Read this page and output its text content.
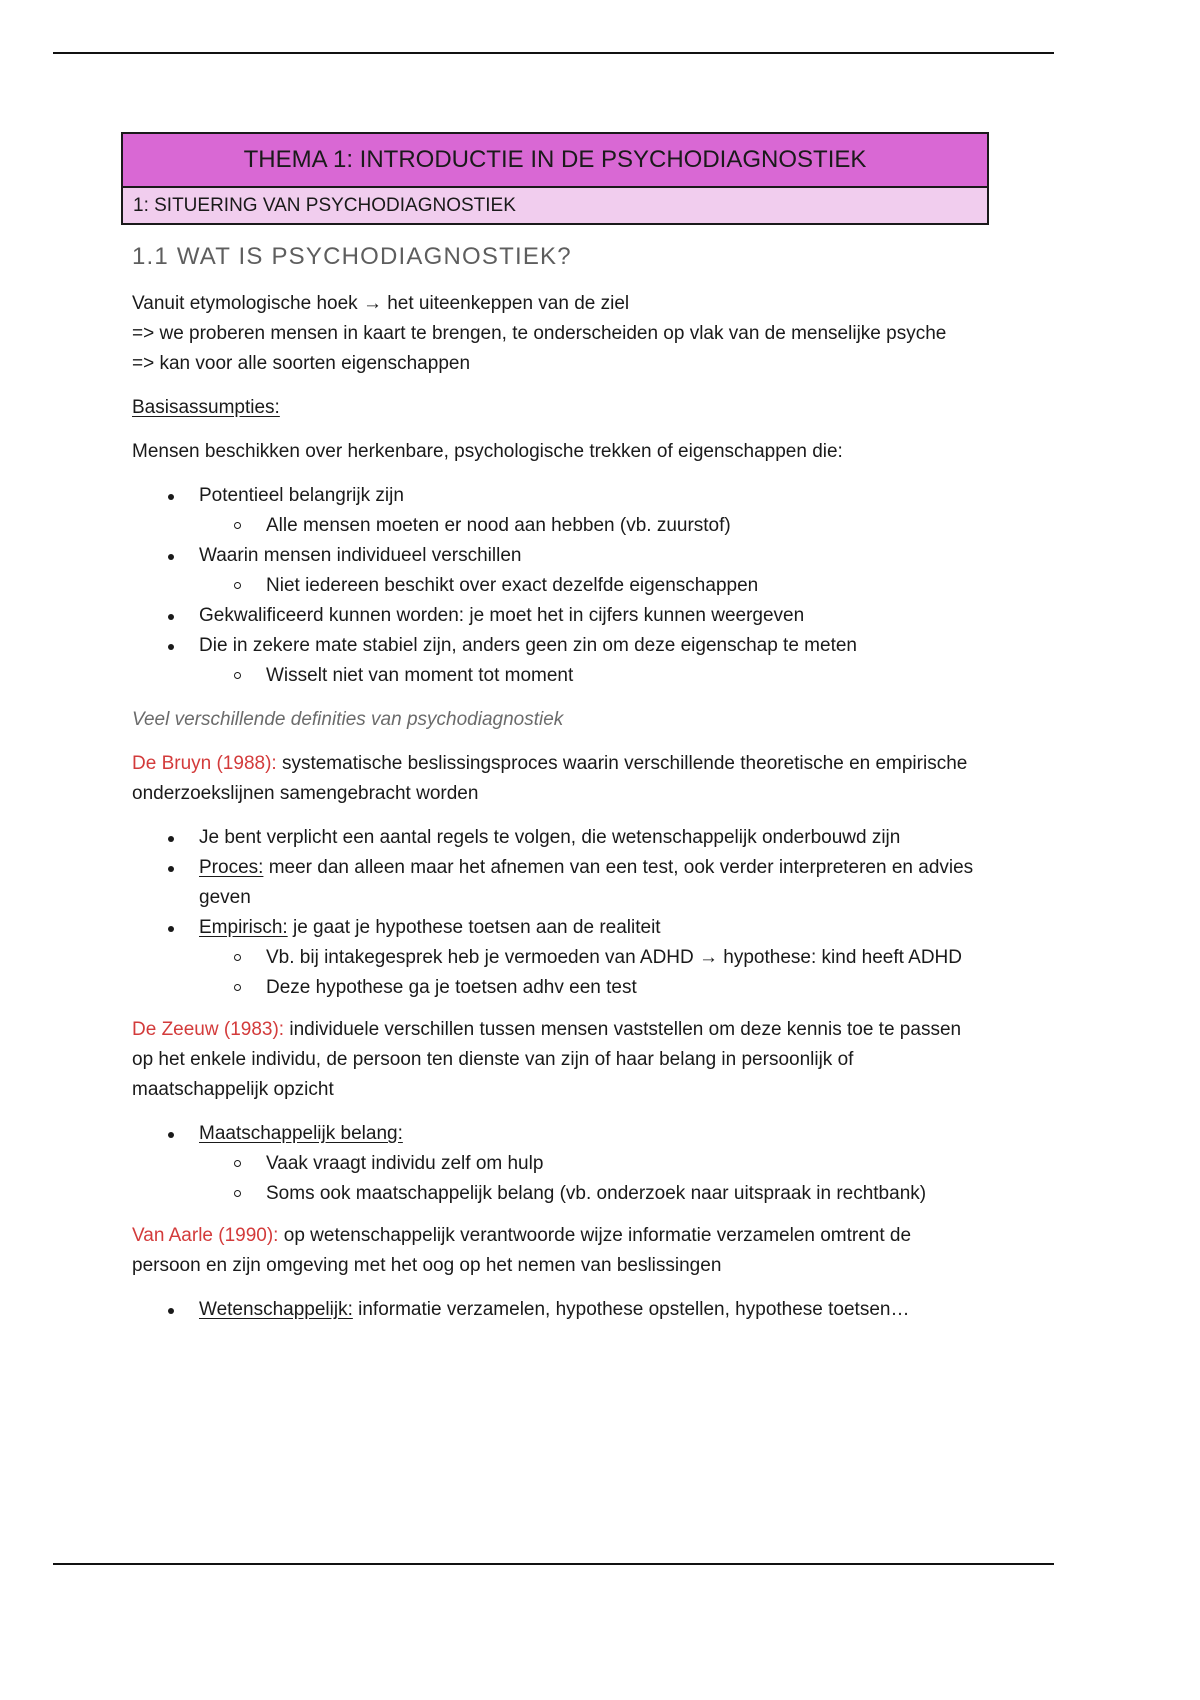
THEMA 1: INTRODUCTIE IN DE PSYCHODIAGNOSTIEK
1: SITUERING VAN PSYCHODIAGNOSTIEK

1.1 WAT IS PSYCHODIAGNOSTIEK?

Vanuit etymologische hoek → het uiteenkeppen van de ziel

=> we proberen mensen in kaart te brengen, te onderscheiden op vlak van de menselijke psyche

=> kan voor alle soorten eigenschappen

Basisassumpties:

Mensen beschikken over herkenbare, psychologische trekken of eigenschappen die:

Potentieel belangrijk zijn
Alle mensen moeten er nood aan hebben (vb. zuurstof)
Waarin mensen individueel verschillen
Niet iedereen beschikt over exact dezelfde eigenschappen
Gekwalificeerd kunnen worden: je moet het in cijfers kunnen weergeven
Die in zekere mate stabiel zijn, anders geen zin om deze eigenschap te meten
Wisselt niet van moment tot moment

Veel verschillende definities van psychodiagnostiek

De Bruyn (1988): systematische beslissingsproces waarin verschillende theoretische en empirische onderzoekslijnen samengebracht worden

Je bent verplicht een aantal regels te volgen, die wetenschappelijk onderbouwd zijn
Proces: meer dan alleen maar het afnemen van een test, ook verder interpreteren en advies geven
Empirisch: je gaat je hypothese toetsen aan de realiteit
Vb. bij intakegesprek heb je vermoeden van ADHD → hypothese: kind heeft ADHD
Deze hypothese ga je toetsen adhv een test

De Zeeuw (1983): individuele verschillen tussen mensen vaststellen om deze kennis toe te passen op het enkele individu, de persoon ten dienste van zijn of haar belang in persoonlijk of maatschappelijk opzicht

Maatschappelijk belang:
Vaak vraagt individu zelf om hulp
Soms ook maatschappelijk belang (vb. onderzoek naar uitspraak in rechtbank)

Van Aarle (1990): op wetenschappelijk verantwoorde wijze informatie verzamelen omtrent de persoon en zijn omgeving met het oog op het nemen van beslissingen

Wetenschappelijk: informatie verzamelen, hypothese opstellen, hypothese toetsen…
